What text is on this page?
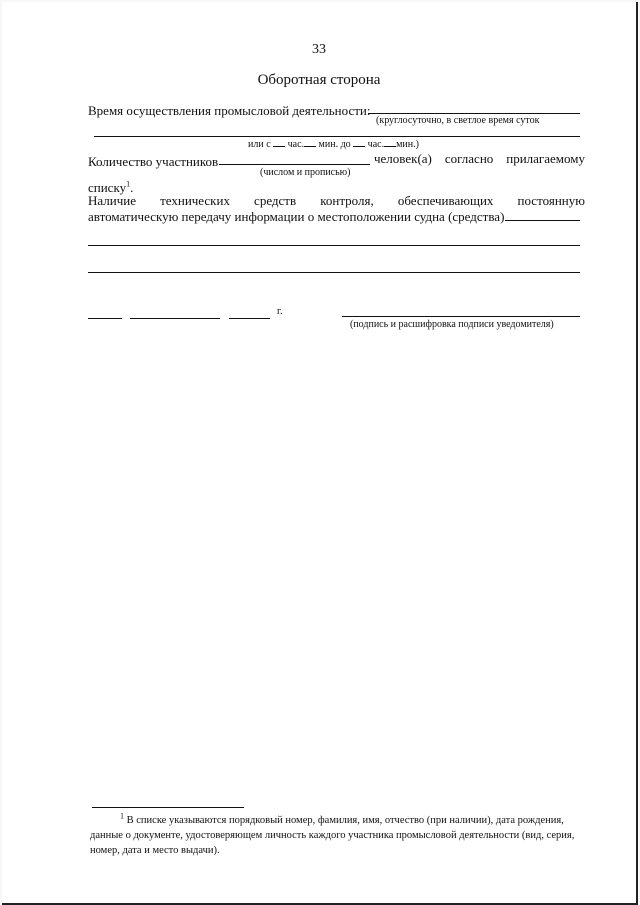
33
Оборотная сторона
Время осуществления промысловой деятельности:
(круглосуточно, в светлое время суток
или с час. мин. до час. мин.)
Количество участников	человек(а) согласно прилагаемому
(числом и прописью)
списку$^1$.
Наличие технических средств контроля, обеспечивающих постоянную
автоматическую передачу информации о местоположении судна (средства)
г.
(подпись и расшифровка подписи уведомителя)
$^1$ В списке указываются порядковый номер, фамилия, имя, отчество (при наличии), дата рождения,
данные о документе, удостоверяющем личность каждого участника промысловой деятельности (вид, серия,
номер, дата и место выдачи).
